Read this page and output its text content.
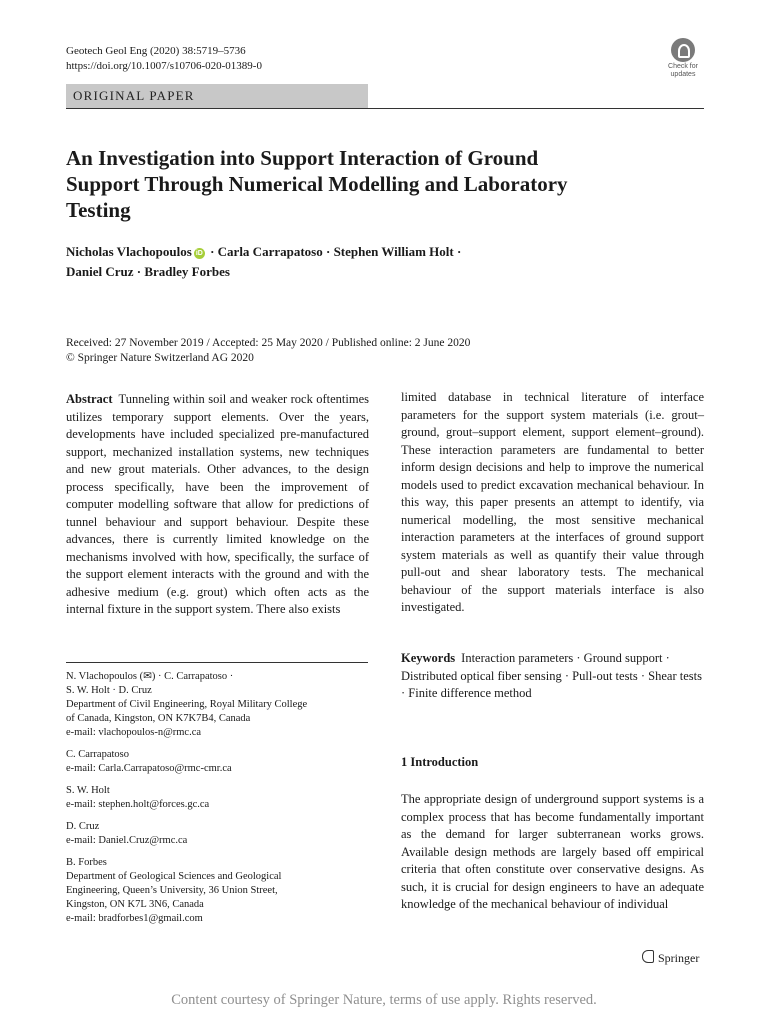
Geotech Geol Eng (2020) 38:5719–5736
https://doi.org/10.1007/s10706-020-01389-0	Check for
updates
ORIGINAL PAPER
An Investigation into Support Interaction of Ground
Support Through Numerical Modelling and Laboratory
Testing
Nicholas Vlachopoulos iD · Carla Carrapatoso · Stephen William Holt ·
Daniel Cruz · Bradley Forbes
Received: 27 November 2019 / Accepted: 25 May 2020 / Published online: 2 June 2020
© Springer Nature Switzerland AG 2020
Abstract Tunneling within soil and weaker rock oftentimes utilizes temporary support elements. Over the years, developments have included specialized pre-manufactured support, mechanized installation systems, new techniques and new grout materials. Other advances, to the design process specifically, have been the improvement of computer modelling software that allow for predictions of tunnel behaviour and support behaviour. Despite these advances, there is currently limited knowledge on the mechanisms involved with how, specifically, the surface of the support element interacts with the ground and with the adhesive medium (e.g. grout) which often acts as the internal fixture in the support system. There also exists
limited database in technical literature of interface parameters for the support system materials (i.e. grout–ground, grout–support element, support element–ground). These interaction parameters are fundamental to better inform design decisions and help to improve the numerical models used to predict excavation mechanical behaviour. In this way, this paper presents an attempt to identify, via numerical modelling, the most sensitive mechanical interaction parameters at the interfaces of ground support system materials as well as quantify their value through pull-out and shear laboratory tests. The mechanical behaviour of the support materials interface is also investigated.
Keywords Interaction parameters · Ground support · Distributed optical fiber sensing · Pull-out tests · Shear tests · Finite difference method
N. Vlachopoulos (✉) · C. Carrapatoso ·
S. W. Holt · D. Cruz
Department of Civil Engineering, Royal Military College
of Canada, Kingston, ON K7K7B4, Canada
e-mail: vlachopoulos-n@rmc.ca
C. Carrapatoso
e-mail: Carla.Carrapatoso@rmc-cmr.ca
S. W. Holt
e-mail: stephen.holt@forces.gc.ca
D. Cruz
e-mail: Daniel.Cruz@rmc.ca
B. Forbes
Department of Geological Sciences and Geological
Engineering, Queen’s University, 36 Union Street,
Kingston, ON K7L 3N6, Canada
e-mail: bradforbes1@gmail.com
1 Introduction
The appropriate design of underground support systems is a complex process that has become fundamentally important as the demand for larger subterranean works grows. Available design methods are largely based off empirical criteria that often constitute over conservative designs. As such, it is crucial for design engineers to have an adequate knowledge of the mechanical behaviour of individual
Springer
Content courtesy of Springer Nature, terms of use apply. Rights reserved.
